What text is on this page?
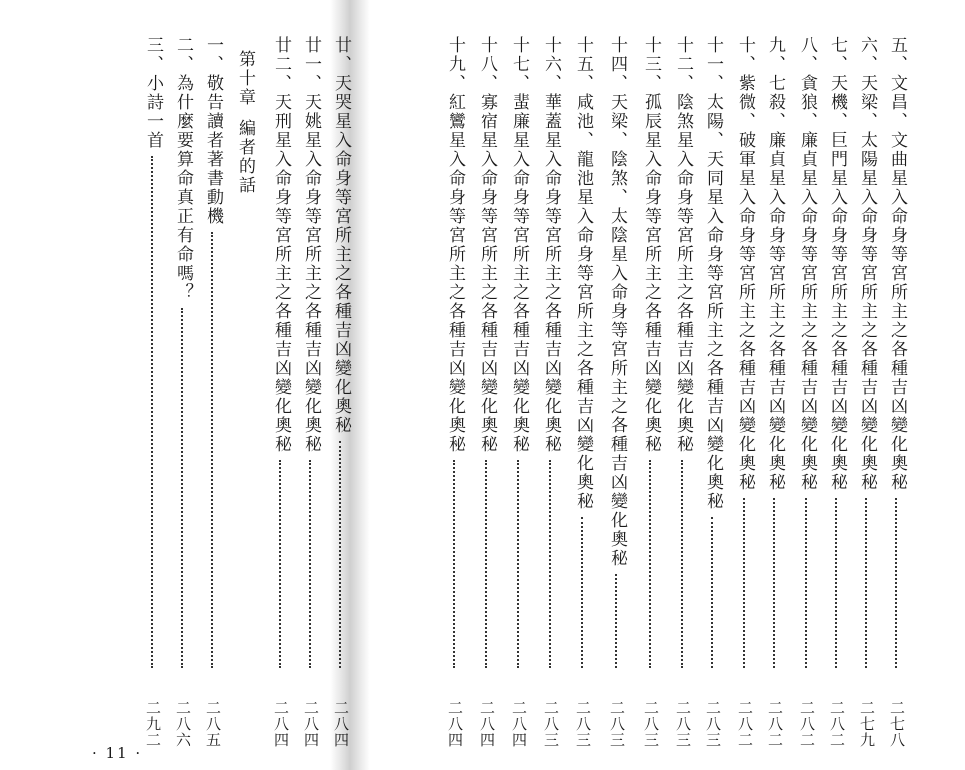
廿、天哭星入命身等宮所主之各種吉凶變化奧秘
二八四
廿一、天姚星入命身等宮所主之各種吉凶變化奧秘
二八四
廿二、天刑星入命身等宮所主之各種吉凶變化奧秘
二八四
第十章
編者的話
一、敬告讀者著書動機
二八五
二、為什麼要算命真正有命嗎？
二八六
三、小詩一首
二九二
五、文昌、文曲星入命身等宮所主之各種吉凶變化奧秘
二七八
六、天梁、太陽星入命身等宮所主之各種吉凶變化奧秘
二七九
七、天機、巨門星入命身等宮所主之各種吉凶變化奧秘
二八二
八、貪狼、廉貞星入命身等宮所主之各種吉凶變化奧秘
二八二
九、七殺、廉貞星入命身等宮所主之各種吉凶變化奧秘
二八二
十、紫微、破軍星入命身等宮所主之各種吉凶變化奧秘
二八二
十一、太陽、天同星入命身等宮所主之各種吉凶變化奧秘
二八三
十二、陰煞星入命身等宮所主之各種吉凶變化奧秘
二八三
十三、孤辰星入命身等宮所主之各種吉凶變化奧秘
二八三
十四、天梁、陰煞、太陰星入命身等宮所主之各種吉凶變化奧秘
二八三
十五、咸池、龍池星入命身等宮所主之各種吉凶變化奧秘
二八三
十六、華蓋星入命身等宮所主之各種吉凶變化奧秘
二八三
十七、蜚廉星入命身等宮所主之各種吉凶變化奧秘
二八四
十八、寡宿星入命身等宮所主之各種吉凶變化奧秘
二八四
十九、紅鸞星入命身等宮所主之各種吉凶變化奧秘
二八四
· 11 ·
